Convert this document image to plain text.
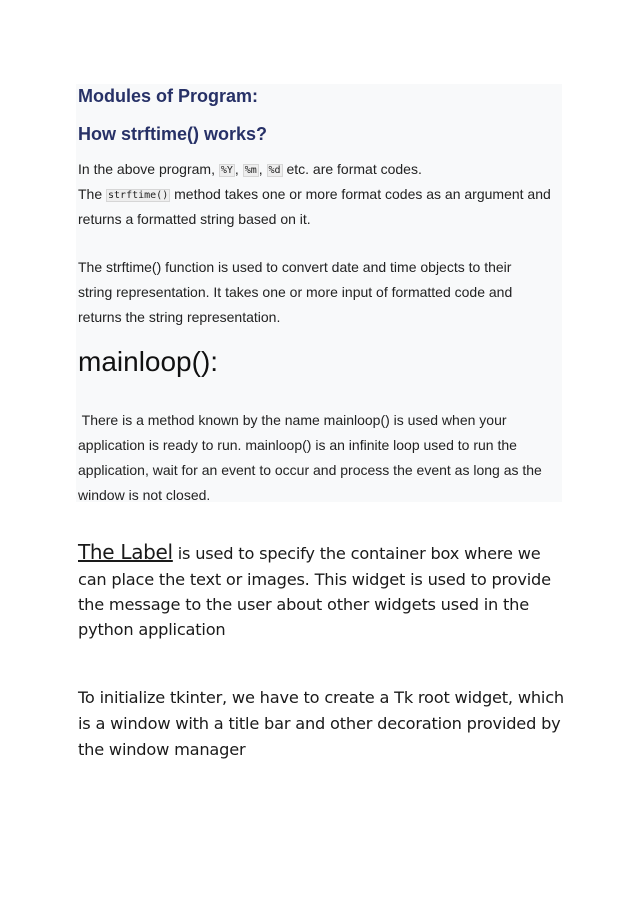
Modules of Program:
How strftime() works?

In the above program, %Y , %m , %d etc. are format codes.

The strftime() method takes one or more format codes as an argument and

returns a formatted string based on it.

The strftime() function is used to convert date and time objects to their

string representation. It takes one or more input of formatted code and

returns the string representation.

mainloop():

There is a method known by the name mainloop() is used when your

application is ready to run. mainloop() is an infinite loop used to run the

application, wait for an event to occur and process the event as long as the

window is not closed.

The Label is used to specify the container box where we

can place the text or images. This widget is used to provide

the message to the user about other widgets used in the

python application

To initialize tkinter, we have to create a Tk root widget, which

is a window with a title bar and other decoration provided by

the window manager
